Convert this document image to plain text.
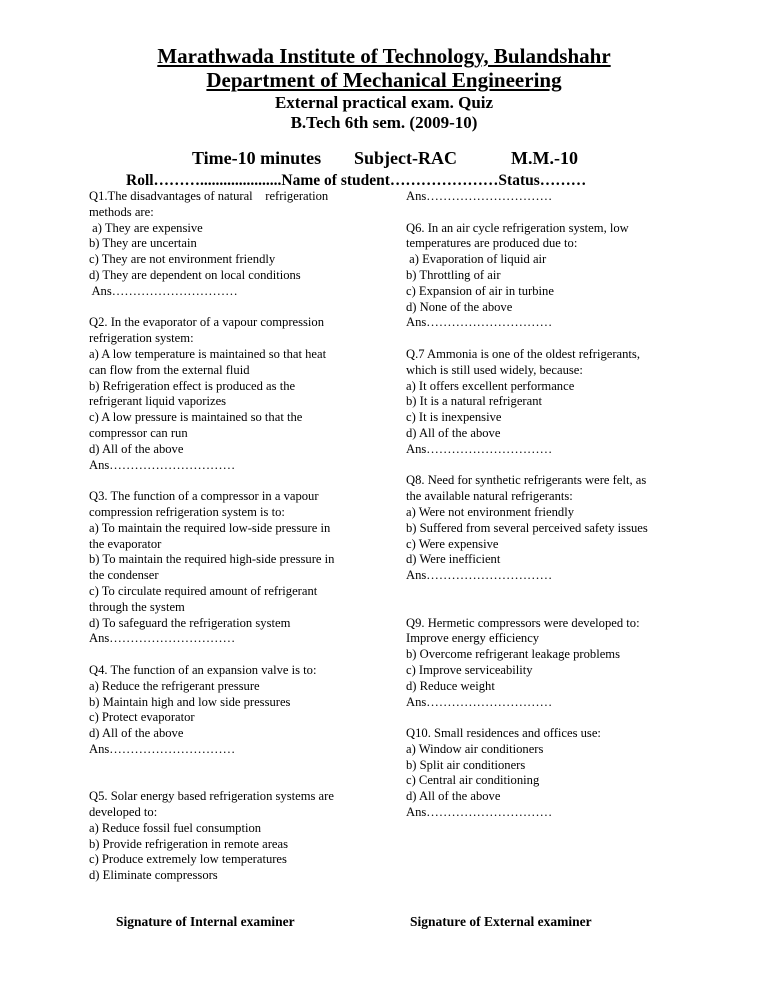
Marathwada Institute of Technology, Bulandshahr
Department of Mechanical Engineering
External practical exam. Quiz
B.Tech 6th sem. (2009-10)
Time-10 minutes Subject-RAC	M.M.-10
Roll……….....................Name of student…………………Status………

Q1.The disadvantages of natural    refrigeration

methods are:

a) They are expensive

b) They are uncertain

c) They are not environment friendly

d) They are dependent on local conditions

Ans…………………………

Q2. In the evaporator of a vapour compression

refrigeration system:

a) A low temperature is maintained so that heat

can flow from the external fluid

b) Refrigeration effect is produced as the

refrigerant liquid vaporizes

c) A low pressure is maintained so that the

compressor can run

d) All of the above

Ans…………………………

Q3. The function of a compressor in a vapour

compression refrigeration system is to:

a) To maintain the required low-side pressure in

the evaporator

b) To maintain the required high-side pressure in

the condenser

c) To circulate required amount of refrigerant

through the system

d) To safeguard the refrigeration system

Ans…………………………

Q4. The function of an expansion valve is to:

a) Reduce the refrigerant pressure

b) Maintain high and low side pressures

c) Protect evaporator

d) All of the above

Ans…………………………

Q5. Solar energy based refrigeration systems are

developed to:

a) Reduce fossil fuel consumption

b) Provide refrigeration in remote areas

c) Produce extremely low temperatures

d) Eliminate compressors

Ans…………………………

Q6. In an air cycle refrigeration system, low

temperatures are produced due to:

a) Evaporation of liquid air

b) Throttling of air

c) Expansion of air in turbine

d) None of the above

Ans…………………………

Q.7 Ammonia is one of the oldest refrigerants,

which is still used widely, because:

a) It offers excellent performance

b) It is a natural refrigerant

c) It is inexpensive

d) All of the above

Ans…………………………

Q8. Need for synthetic refrigerants were felt, as

the available natural refrigerants:

a) Were not environment friendly

b) Suffered from several perceived safety issues

c) Were expensive

d) Were inefficient

Ans…………………………

Q9. Hermetic compressors were developed to:

Improve energy efficiency

b) Overcome refrigerant leakage problems

c) Improve serviceability

d) Reduce weight

Ans…………………………

Q10. Small residences and offices use:

a) Window air conditioners

b) Split air conditioners

c) Central air conditioning

d) All of the above

Ans…………………………

Signature of Internal examiner	Signature of External examiner
